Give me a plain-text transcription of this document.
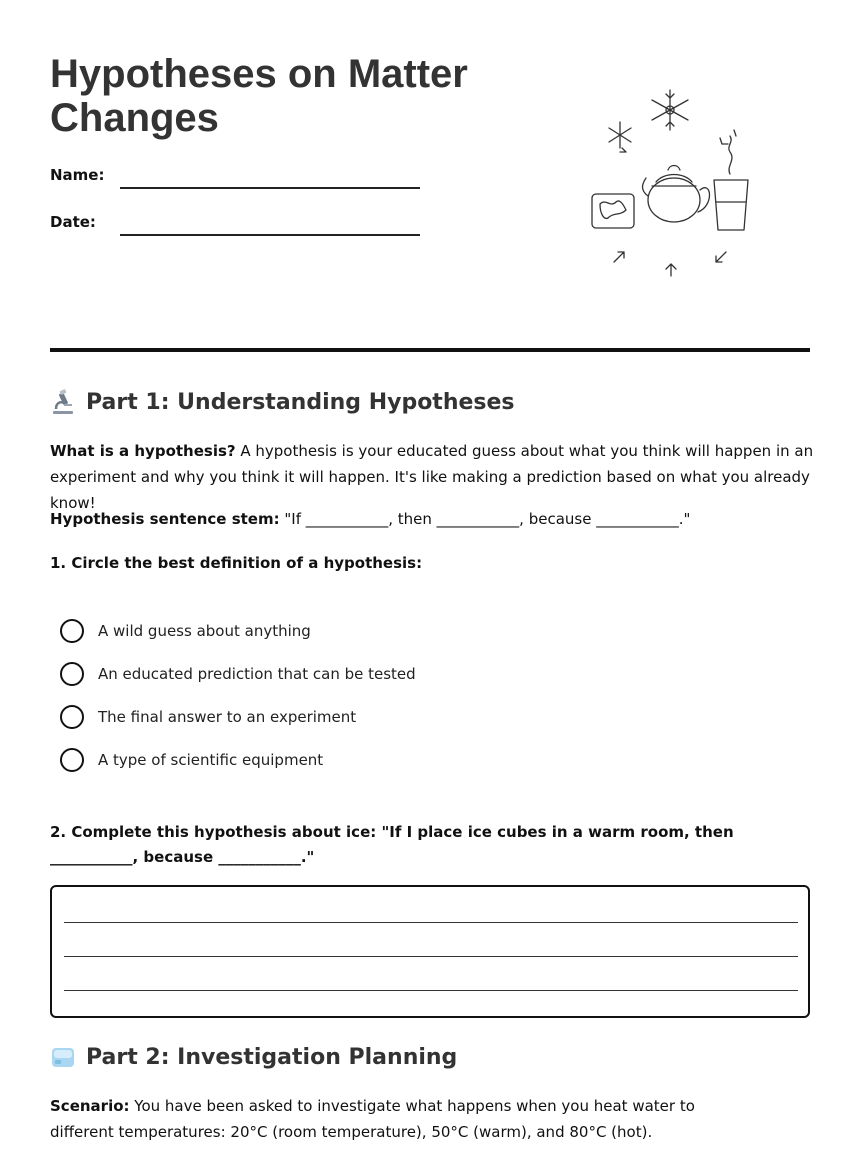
Hypotheses on Matter Changes
Name:
Date:
Part 1: Understanding Hypotheses

What is a hypothesis? A hypothesis is your educated guess about what you think will happen in an experiment and why you think it will happen. It's like making a prediction based on what you already know!

Hypothesis sentence stem: "If ___________, then ___________, because ___________."

1. Circle the best definition of a hypothesis:
A wild guess about anything
An educated prediction that can be tested
The final answer to an experiment
A type of scientific equipment
2. Complete this hypothesis about ice: "If I place ice cubes in a warm room, then ___________, because ___________."
Part 2: Investigation Planning

Scenario: You have been asked to investigate what happens when you heat water to different temperatures: 20°C (room temperature), 50°C (warm), and 80°C (hot).
